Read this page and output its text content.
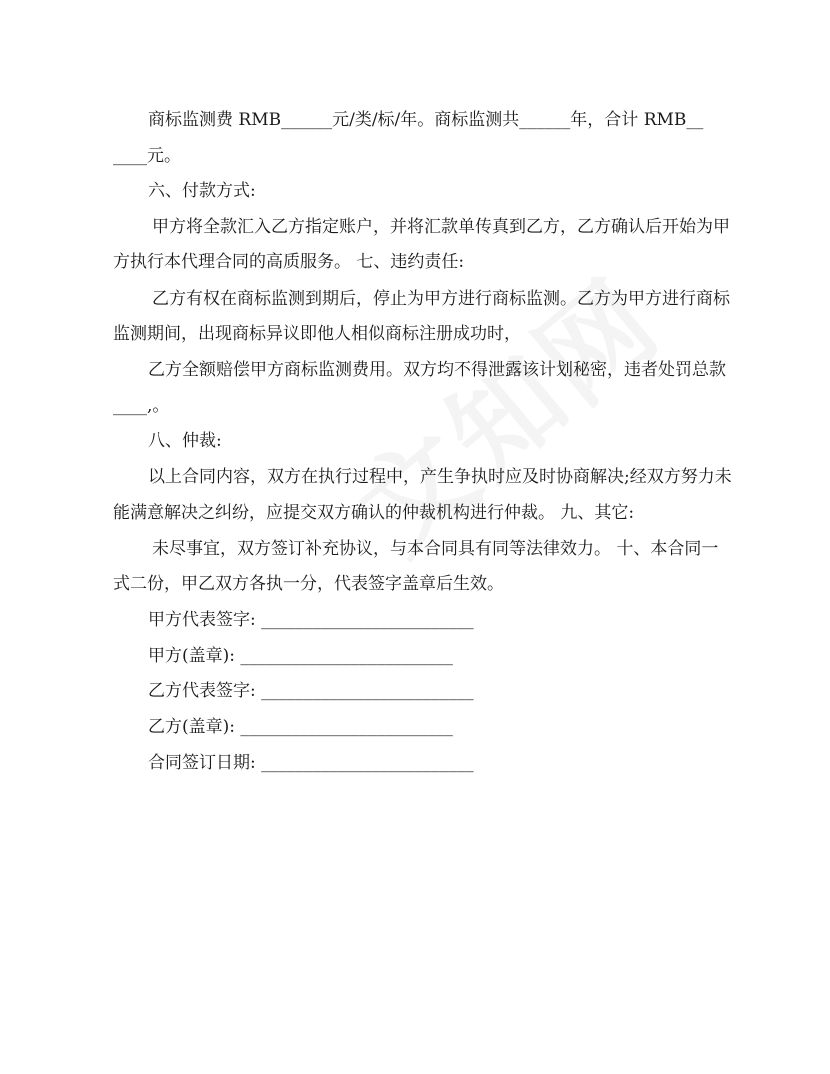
商标监测费 RMB______元/类/标/年。商标监测共______年，合计 RMB__
____元。
六、付款方式:
甲方将全款汇入乙方指定账户，并将汇款单传真到乙方，乙方确认后开始为甲
方执行本代理合同的高质服务。 七、违约责任:
乙方有权在商标监测到期后，停止为甲方进行商标监测。乙方为甲方进行商标
监测期间，出现商标异议即他人相似商标注册成功时，
乙方全额赔偿甲方商标监测费用。双方均不得泄露该计划秘密，违者处罚总款
____,。
八、仲裁:
以上合同内容，双方在执行过程中，产生争执时应及时协商解决;经双方努力未
能满意解决之纠纷，应提交双方确认的仲裁机构进行仲裁。 九、其它:
未尽事宜，双方签订补充协议，与本合同具有同等法律效力。 十、本合同一
式二份，甲乙双方各执一分，代表签字盖章后生效。
甲方代表签字: _________________________
甲方(盖章): _________________________
乙方代表签字: _________________________
乙方(盖章): _________________________
合同签订日期: _________________________
